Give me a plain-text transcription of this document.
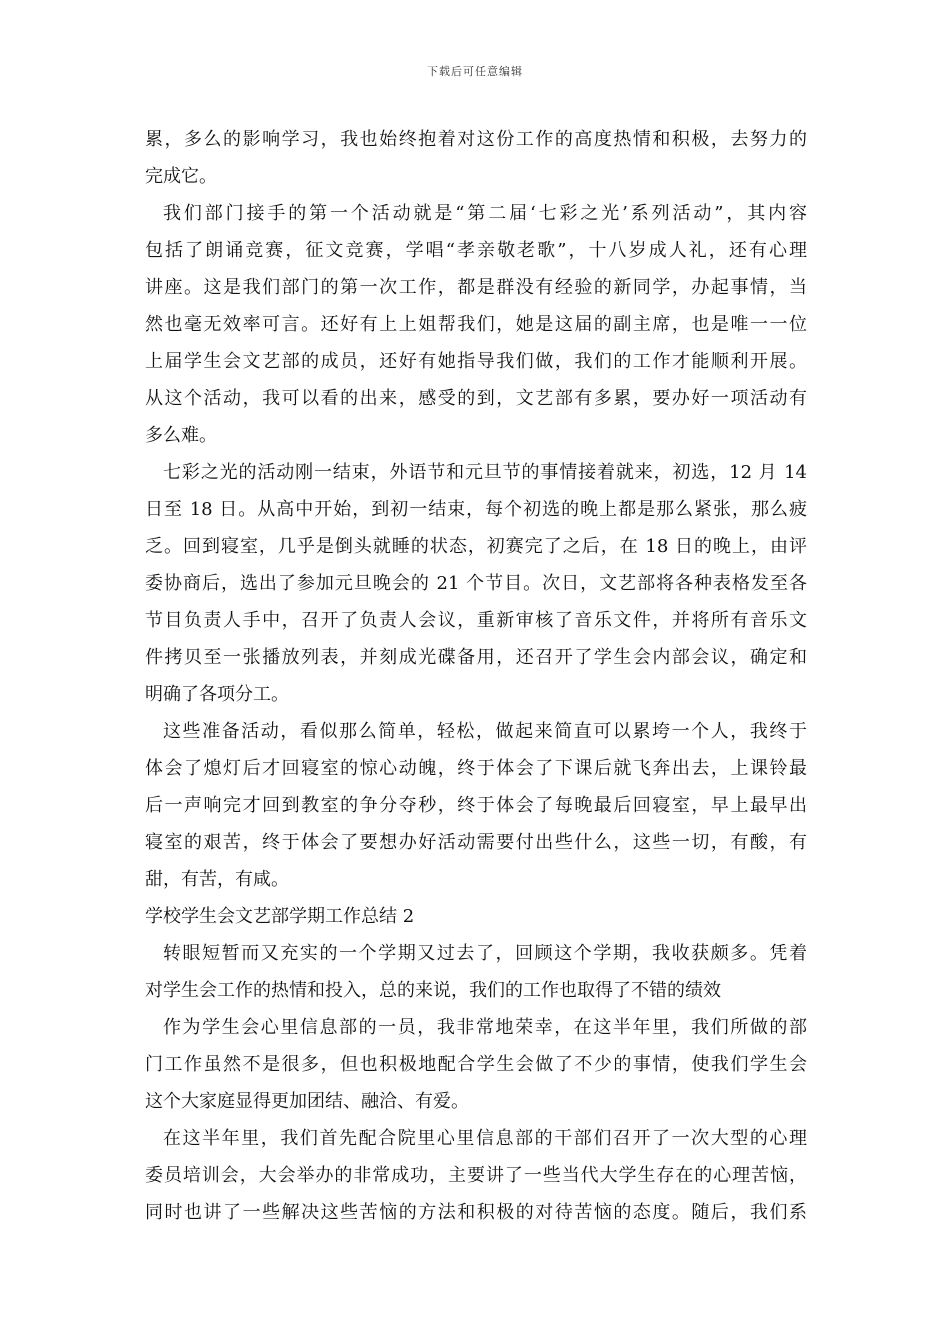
下载后可任意编辑
累，多么的影响学习，我也始终抱着对这份工作的高度热情和积极，去努力的
完成它。
我们部门接手的第一个活动就是“第二届‘七彩之光’系列活动”，其内容
包括了朗诵竞赛，征文竞赛，学唱“孝亲敬老歌”，十八岁成人礼，还有心理
讲座。这是我们部门的第一次工作，都是群没有经验的新同学，办起事情，当
然也毫无效率可言。还好有上上姐帮我们，她是这届的副主席，也是唯一一位
上届学生会文艺部的成员，还好有她指导我们做，我们的工作才能顺利开展。
从这个活动，我可以看的出来，感受的到，文艺部有多累，要办好一项活动有
多么难。
七彩之光的活动刚一结束，外语节和元旦节的事情接着就来，初选，12 月 14
日至 18 日。从高中开始，到初一结束，每个初选的晚上都是那么紧张，那么疲
乏。回到寝室，几乎是倒头就睡的状态，初赛完了之后，在 18 日的晚上，由评
委协商后，选出了参加元旦晚会的 21 个节目。次日，文艺部将各种表格发至各
节目负责人手中，召开了负责人会议，重新审核了音乐文件，并将所有音乐文
件拷贝至一张播放列表，并刻成光碟备用，还召开了学生会内部会议，确定和
明确了各项分工。
这些准备活动，看似那么简单，轻松，做起来简直可以累垮一个人，我终于
体会了熄灯后才回寝室的惊心动魄，终于体会了下课后就飞奔出去，上课铃最
后一声响完才回到教室的争分夺秒，终于体会了每晚最后回寝室，早上最早出
寝室的艰苦，终于体会了要想办好活动需要付出些什么，这些一切，有酸，有
甜，有苦，有咸。
学校学生会文艺部学期工作总结 2
转眼短暂而又充实的一个学期又过去了，回顾这个学期，我收获颇多。凭着
对学生会工作的热情和投入，总的来说，我们的工作也取得了不错的绩效
作为学生会心里信息部的一员，我非常地荣幸，在这半年里，我们所做的部
门工作虽然不是很多，但也积极地配合学生会做了不少的事情，使我们学生会
这个大家庭显得更加团结、融洽、有爱。
在这半年里，我们首先配合院里心里信息部的干部们召开了一次大型的心理
委员培训会，大会举办的非常成功，主要讲了一些当代大学生存在的心理苦恼，
同时也讲了一些解决这些苦恼的方法和积极的对待苦恼的态度。随后，我们系
